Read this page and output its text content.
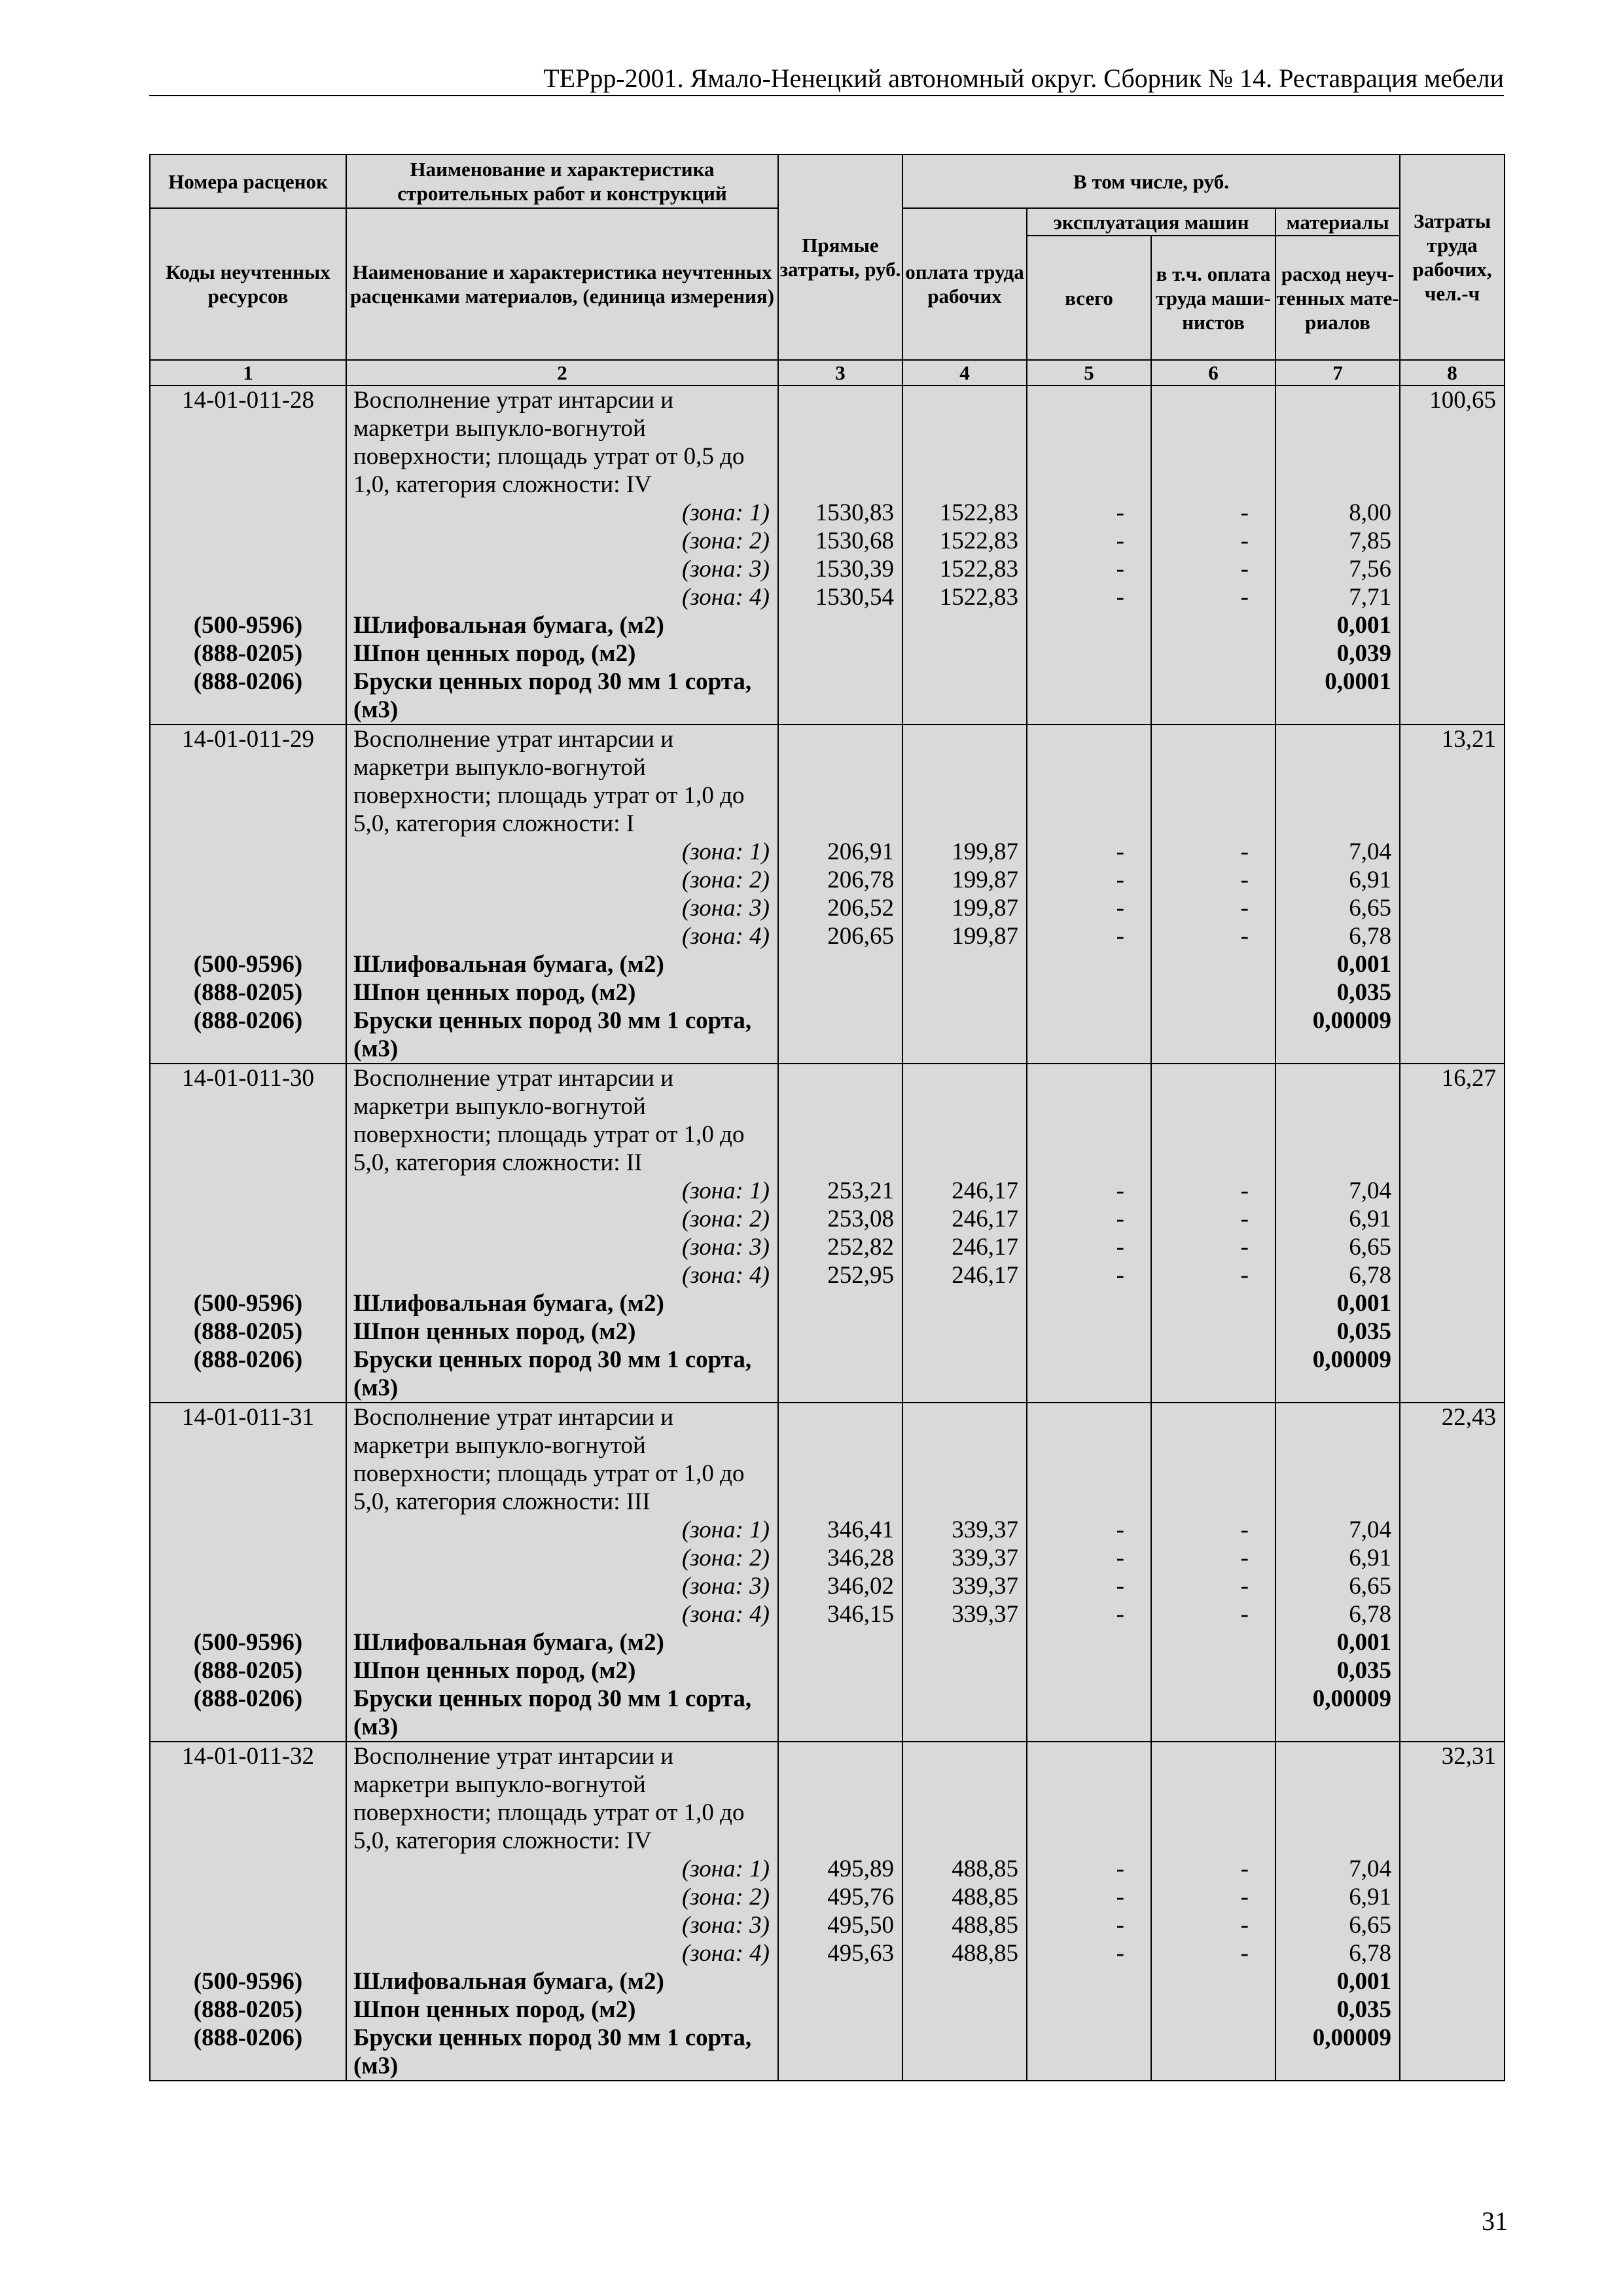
ТЕРрр-2001. Ямало-Ненецкий автономный округ. Сборник № 14. Реставрация мебели
Номера расценок	Наименование и характеристика строительных работ и конструкций	Прямые затраты, руб.	В том числе, руб.				Затраты труда рабочих, чел.-ч
Коды неучтенных ресурсов	Наименование и характеристика неучтенных расценками материалов, (единица измерения)		оплата труда рабочих	эксплуатация машин		материалы	
				всего	в т.ч. оплата труда маши- нистов	расход неуч- тенных мате- риалов	
1	2	3	4	5	6	7	8
14-01-011-28	Восполнение утрат интарсии и						100,65
	маркетри выпукло-вогнутой						
	поверхности; площадь утрат от 0,5 до						
	1,0, категория сложности: IV						
	(зона: 1)	1530,83	1522,83	-	-	8,00	
	(зона: 2)	1530,68	1522,83	-	-	7,85	
	(зона: 3)	1530,39	1522,83	-	-	7,56	
	(зона: 4)	1530,54	1522,83	-	-	7,71	
(500-9596)	Шлифовальная бумага, (м2)					0,001	
(888-0205)	Шпон ценных пород, (м2)					0,039	
(888-0206)	Бруски ценных пород 30 мм 1 сорта,					0,0001	
	(м3)						
14-01-011-29	Восполнение утрат интарсии и						13,21
	маркетри выпукло-вогнутой						
	поверхности; площадь утрат от 1,0 до						
	5,0, категория сложности: I						
	(зона: 1)	206,91	199,87	-	-	7,04	
	(зона: 2)	206,78	199,87	-	-	6,91	
	(зона: 3)	206,52	199,87	-	-	6,65	
	(зона: 4)	206,65	199,87	-	-	6,78	
(500-9596)	Шлифовальная бумага, (м2)					0,001	
(888-0205)	Шпон ценных пород, (м2)					0,035	
(888-0206)	Бруски ценных пород 30 мм 1 сорта,					0,00009	
	(м3)						
14-01-011-30	Восполнение утрат интарсии и						16,27
	маркетри выпукло-вогнутой						
	поверхности; площадь утрат от 1,0 до						
	5,0, категория сложности: II						
	(зона: 1)	253,21	246,17	-	-	7,04	
	(зона: 2)	253,08	246,17	-	-	6,91	
	(зона: 3)	252,82	246,17	-	-	6,65	
	(зона: 4)	252,95	246,17	-	-	6,78	
(500-9596)	Шлифовальная бумага, (м2)					0,001	
(888-0205)	Шпон ценных пород, (м2)					0,035	
(888-0206)	Бруски ценных пород 30 мм 1 сорта,					0,00009	
	(м3)						
14-01-011-31	Восполнение утрат интарсии и						22,43
	маркетри выпукло-вогнутой						
	поверхности; площадь утрат от 1,0 до						
	5,0, категория сложности: III						
	(зона: 1)	346,41	339,37	-	-	7,04	
	(зона: 2)	346,28	339,37	-	-	6,91	
	(зона: 3)	346,02	339,37	-	-	6,65	
	(зона: 4)	346,15	339,37	-	-	6,78	
(500-9596)	Шлифовальная бумага, (м2)					0,001	
(888-0205)	Шпон ценных пород, (м2)					0,035	
(888-0206)	Бруски ценных пород 30 мм 1 сорта,					0,00009	
	(м3)						
14-01-011-32	Восполнение утрат интарсии и						32,31
	маркетри выпукло-вогнутой						
	поверхности; площадь утрат от 1,0 до						
	5,0, категория сложности: IV						
	(зона: 1)	495,89	488,85	-	-	7,04	
	(зона: 2)	495,76	488,85	-	-	6,91	
	(зона: 3)	495,50	488,85	-	-	6,65	
	(зона: 4)	495,63	488,85	-	-	6,78	
(500-9596)	Шлифовальная бумага, (м2)					0,001	
(888-0205)	Шпон ценных пород, (м2)					0,035	
(888-0206)	Бруски ценных пород 30 мм 1 сорта,					0,00009	
	(м3)						
31
